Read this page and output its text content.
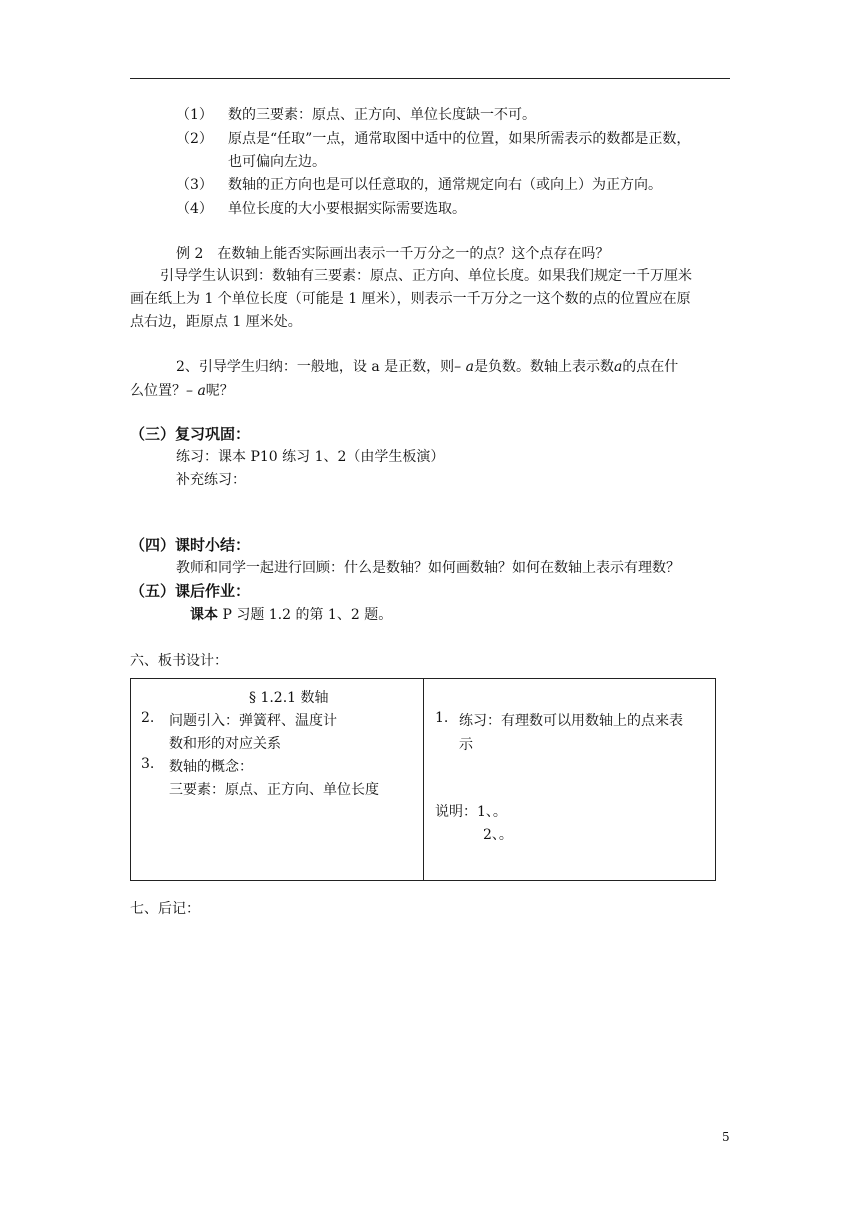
（1） 数的三要素：原点、正方向、单位长度缺一不可。
（2） 原点是“任取”一点，通常取图中适中的位置，如果所需表示的数都是正数，
也可偏向左边。
（3） 数轴的正方向也是可以任意取的，通常规定向右（或向上）为正方向。
（4） 单位长度的大小要根据实际需要选取。
例 2　在数轴上能否实际画出表示一千万分之一的点？这个点存在吗？
引导学生认识到：数轴有三要素：原点、正方向、单位长度。如果我们规定一千万厘米
画在纸上为 1 个单位长度（可能是 1 厘米），则表示一千万分之一这个数的点的位置应在原
点右边，距原点 1 厘米处。
2、引导学生归纳：一般地，设 a 是正数，则– a是负数。数轴上表示数a的点在什
么位置？– a呢？
（三）复习巩固：
练习：课本 P10 练习 1、2（由学生板演）
补充练习：
（四）课时小结：
教师和同学一起进行回顾：什么是数轴？如何画数轴？如何在数轴上表示有理数？
（五）课后作业：
课本 P 习题 1.2 的第 1、2 题。
六、板书设计：
§ 1.2.1 数轴
2. 问题引入：弹簧秤、温度计
数和形的对应关系
3. 数轴的概念：
三要素：原点、正方向、单位长度
1. 练习：有理数可以用数轴上的点来表
示
说明：1、。
2、。
七、后记：
5
